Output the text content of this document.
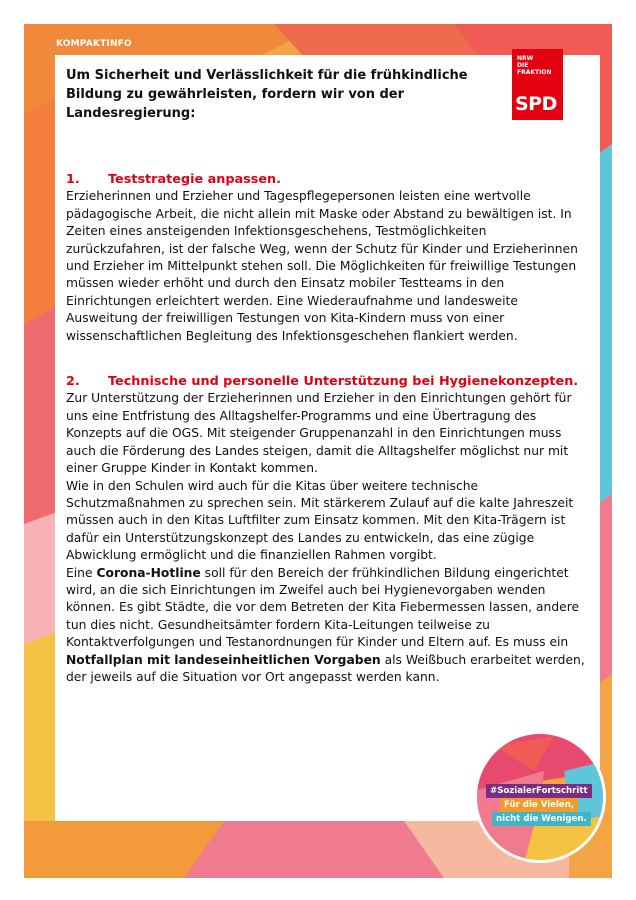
KOMPAKTINFO
NRW
DIE FRAKTION
SPD

Um Sicherheit und Verlässlichkeit für die frühkindliche Bildung zu gewährleisten, fordern wir von der Landesregierung:

1. Teststrategie anpassen.

Erzieherinnen und Erzieher und Tagespflegepersonen leisten eine wertvolle pädagogische Arbeit, die nicht allein mit Maske oder Abstand zu bewältigen ist. In Zeiten eines ansteigenden Infektionsgeschehens, Testmöglichkeiten zurückzufahren, ist der falsche Weg, wenn der Schutz für Kinder und Erzieherinnen und Erzieher im Mittelpunkt stehen soll. Die Möglichkeiten für freiwillige Testungen müssen wieder erhöht und durch den Einsatz mobiler Testteams in den Einrichtungen erleichtert werden. Eine Wiederaufnahme und landesweite Ausweitung der freiwilligen Testungen von Kita-Kindern muss von einer wissenschaftlichen Begleitung des Infektionsgeschehen flankiert werden.

2. Technische und personelle Unterstützung bei Hygienekonzepten.

Zur Unterstützung der Erzieherinnen und Erzieher in den Einrichtungen gehört für uns eine Entfristung des Alltagshelfer-Programms und eine Übertragung des Konzepts auf die OGS. Mit steigender Gruppenanzahl in den Einrichtungen muss auch die Förderung des Landes steigen, damit die Alltagshelfer möglichst nur mit einer Gruppe Kinder in Kontakt kommen.

Wie in den Schulen wird auch für die Kitas über weitere technische Schutzmaßnahmen zu sprechen sein. Mit stärkerem Zulauf auf die kalte Jahreszeit müssen auch in den Kitas Luftfilter zum Einsatz kommen. Mit den Kita-Trägern ist dafür ein Unterstützungskonzept des Landes zu entwickeln, das eine zügige Abwicklung ermöglicht und die finanziellen Rahmen vorgibt.

Eine Corona-Hotline soll für den Bereich der frühkindlichen Bildung eingerichtet wird, an die sich Einrichtungen im Zweifel auch bei Hygienevorgaben wenden können. Es gibt Städte, die vor dem Betreten der Kita Fiebermessen lassen, andere tun dies nicht. Gesundheitsämter fordern Kita-Leitungen teilweise zu Kontaktverfolgungen und Testanordnungen für Kinder und Eltern auf. Es muss ein Notfallplan mit landeseinheitlichen Vorgaben als Weißbuch erarbeitet werden, der jeweils auf die Situation vor Ort angepasst werden kann.

#SozialerFortschritt
Für die Vielen,
nicht die Wenigen.
